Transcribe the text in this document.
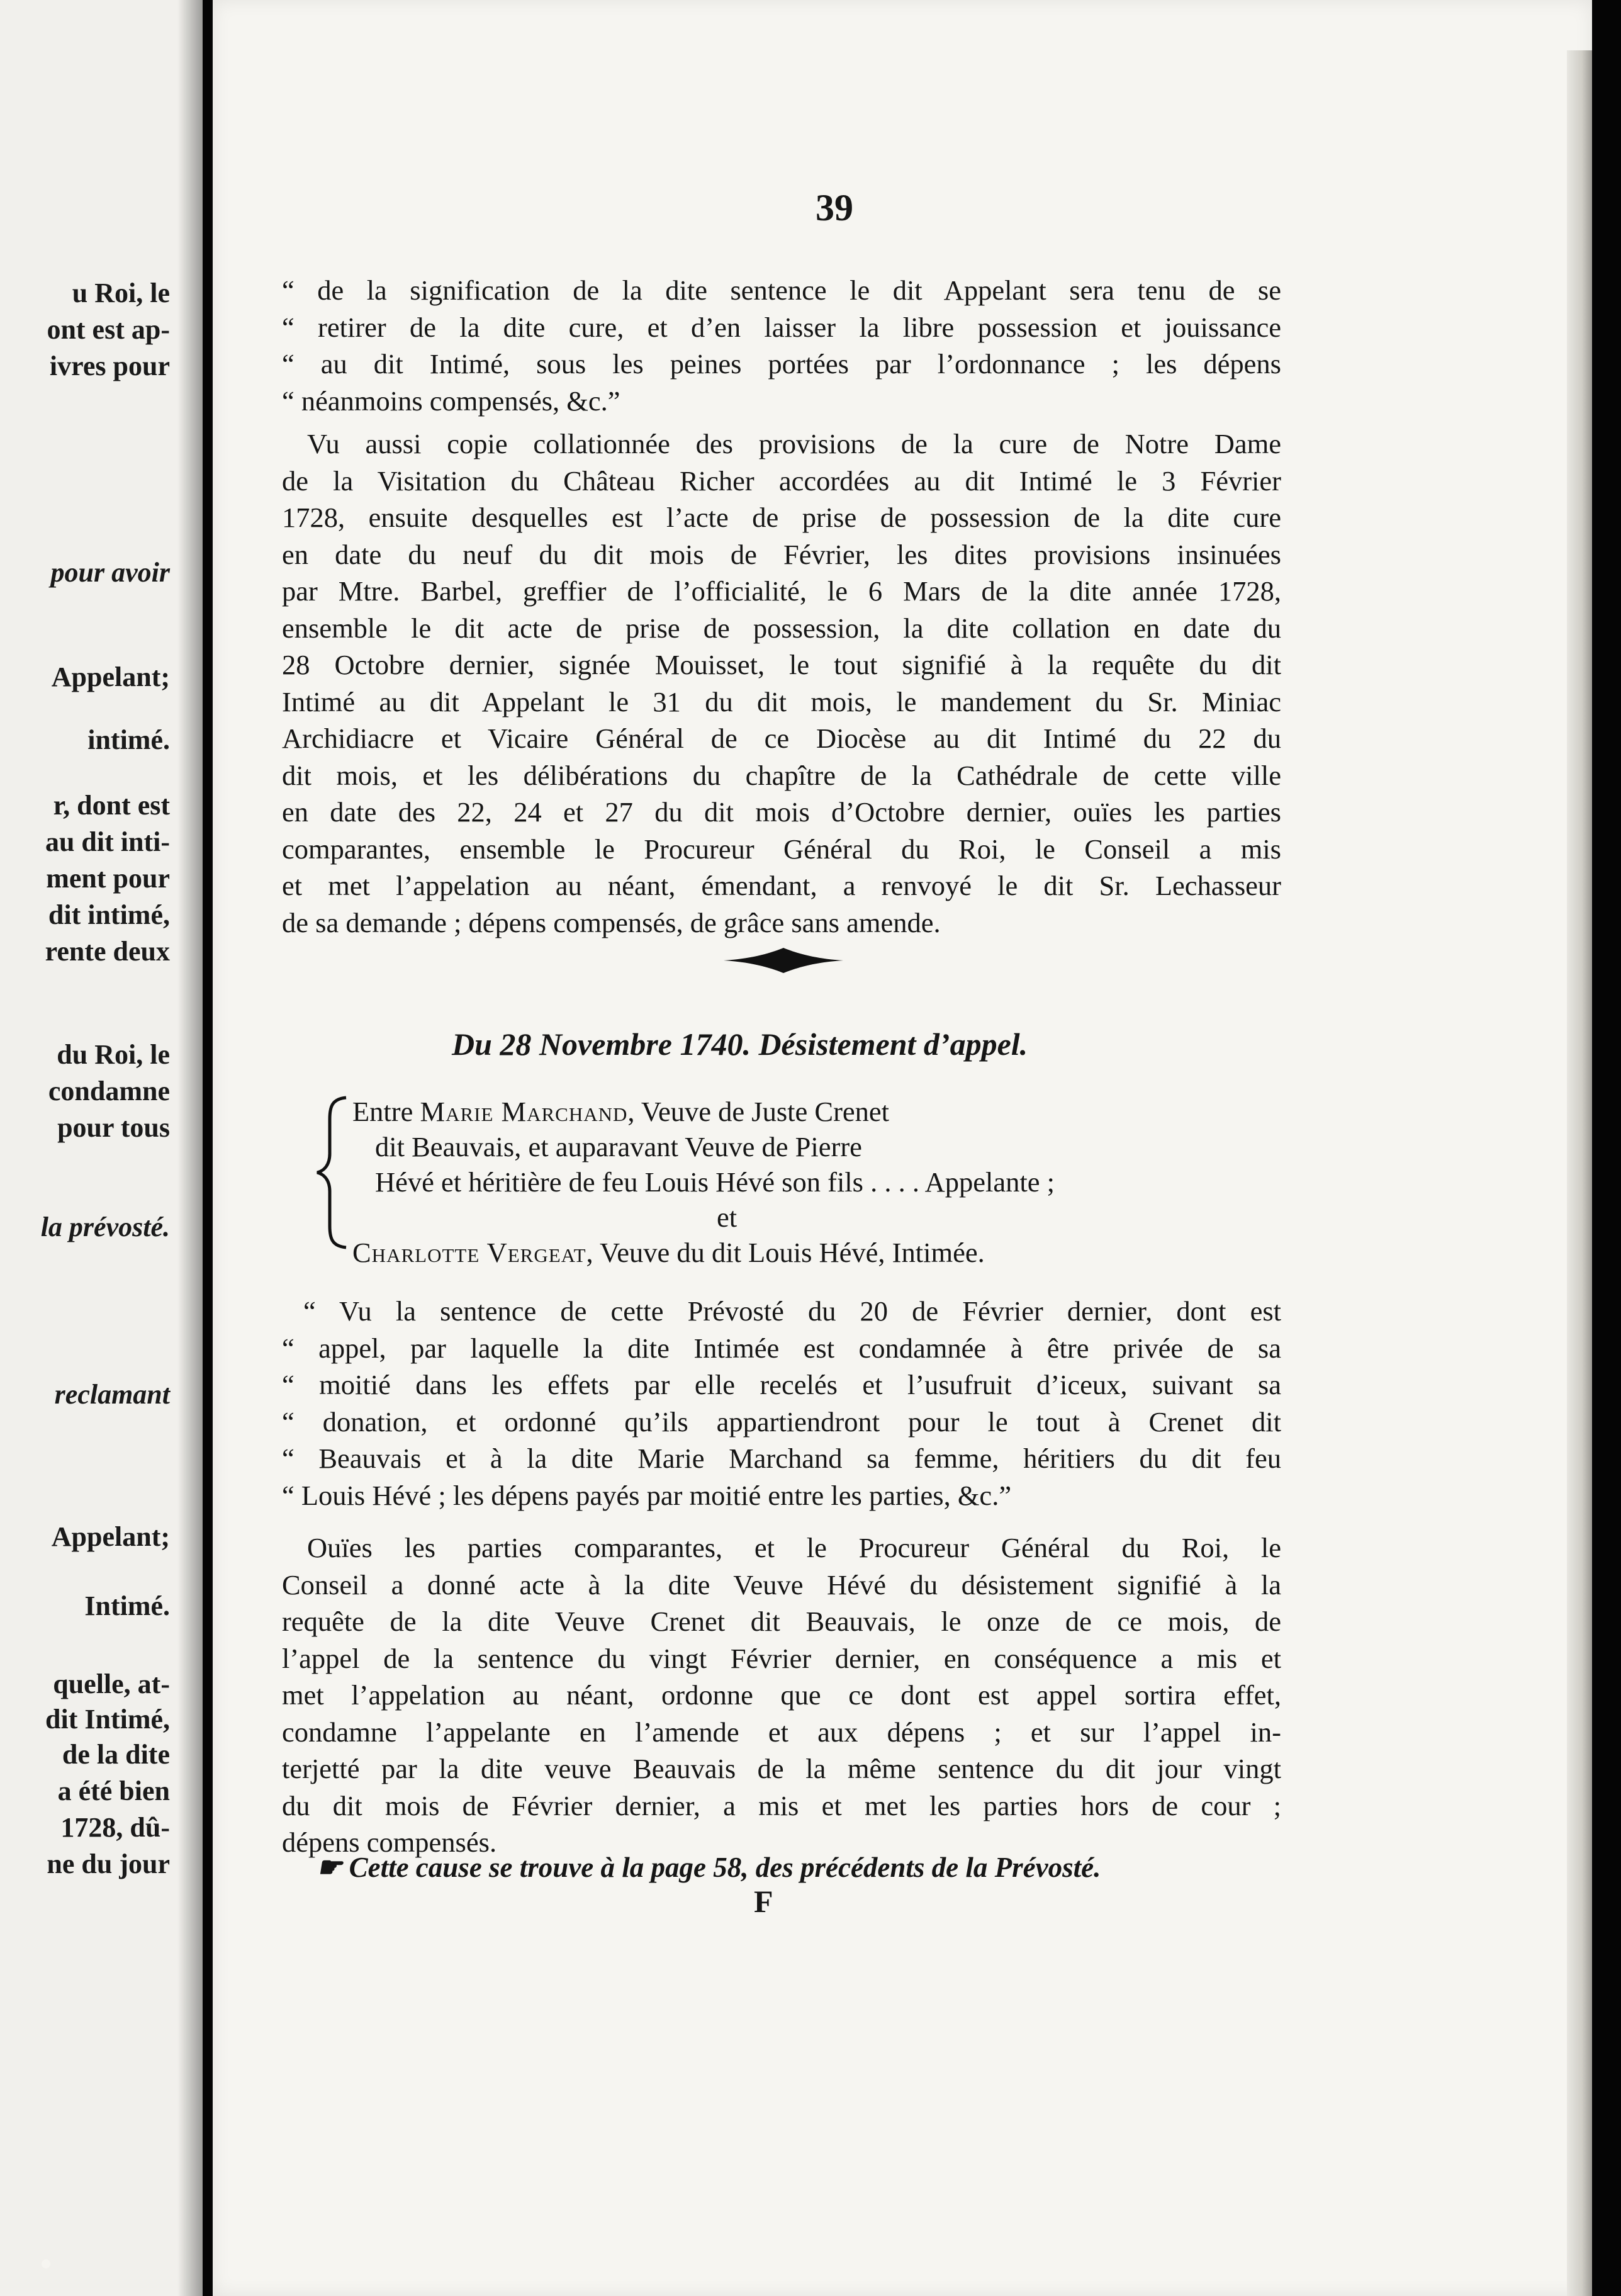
u Roi, le
ont est ap-
ivres pour
pour avoir
Appelant;
intimé.
r, dont est
au dit inti-
ment pour
dit intimé,
rente deux
du Roi, le
condamne
pour tous
la prévosté.
reclamant
Appelant;
Intimé.
quelle, at-
dit Intimé,
de la dite
a été bien
1728, dû-
ne du jour
39
“ de la signification de la dite sentence le dit Appelant sera tenu de se
“ retirer de la dite cure, et d’en laisser la libre possession et jouissance
“ au dit Intimé, sous les peines portées par l’ordonnance ; les dépens
“ néanmoins compensés, &c.”
Vu aussi copie collationnée des provisions de la cure de Notre Dame
de la Visitation du Château Richer accordées au dit Intimé le 3 Février
1728, ensuite desquelles est l’acte de prise de possession de la dite cure
en date du neuf du dit mois de Février, les dites provisions insinuées
par Mtre. Barbel, greffier de l’officialité, le 6 Mars de la dite année 1728,
ensemble le dit acte de prise de possession, la dite collation en date du
28 Octobre dernier, signée Mouisset, le tout signifié à la requête du dit
Intimé au dit Appelant le 31 du dit mois, le mandement du Sr. Miniac
Archidiacre et Vicaire Général de ce Diocèse au dit Intimé du 22 du
dit mois, et les délibérations du chapître de la Cathédrale de cette ville
en date des 22, 24 et 27 du dit mois d’Octobre dernier, ouïes les parties
comparantes, ensemble le Procureur Général du Roi, le Conseil a mis
et met l’appelation au néant, émendant, a renvoyé le dit Sr. Lechasseur
de sa demande ; dépens compensés, de grâce sans amende.
Du 28 Novembre 1740. Désistement d’appel.
Entre Marie Marchand, Veuve de Juste Crenet
dit Beauvais, et auparavant Veuve de Pierre
Hévé et héritière de feu Louis Hévé son fils . . . . Appelante ;
et
Charlotte Vergeat, Veuve du dit Louis Hévé, Intimée.
“ Vu la sentence de cette Prévosté du 20 de Février dernier, dont est
“ appel, par laquelle la dite Intimée est condamnée à être privée de sa
“ moitié dans les effets par elle recelés et l’usufruit d’iceux, suivant sa
“ donation, et ordonné qu’ils appartiendront pour le tout à Crenet dit
“ Beauvais et à la dite Marie Marchand sa femme, héritiers du dit feu
“ Louis Hévé ; les dépens payés par moitié entre les parties, &c.”
Ouïes les parties comparantes, et le Procureur Général du Roi, le
Conseil a donné acte à la dite Veuve Hévé du désistement signifié à la
requête de la dite Veuve Crenet dit Beauvais, le onze de ce mois, de
l’appel de la sentence du vingt Février dernier, en conséquence a mis et
met l’appelation au néant, ordonne que ce dont est appel sortira effet,
condamne l’appelante en l’amende et aux dépens ; et sur l’appel in-
terjetté par la dite veuve Beauvais de la même sentence du dit jour vingt
du dit mois de Février dernier, a mis et met les parties hors de cour ;
dépens compensés.
☛ Cette cause se trouve à la page 58, des précédents de la Prévosté.
F
